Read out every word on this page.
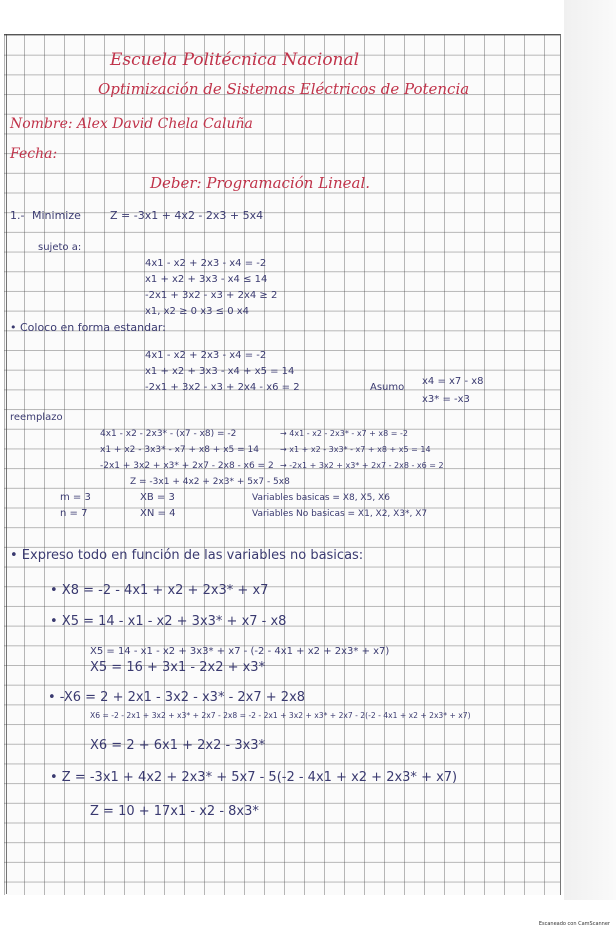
Escuela Politécnica Nacional
Optimización de Sistemas Eléctricos de Potencia
Nombre: Alex David Chela Caluña
Fecha:
Deber: Programación Lineal.
1.- Minimize	Z = -3x1 + 4x2 - 2x3 + 5x4
sujeto a:
4x1 - x2 + 2x3 - x4 = -2
x1 + x2 + 3x3 - x4 ≤ 14
-2x1 + 3x2 - x3 + 2x4 ≥ 2
x1, x2 ≥ 0 x3 ≤ 0 x4
• Coloco en forma estandar:
4x1 - x2 + 2x3 - x4 = -2
x1 + x2 + 3x3 - x4 + x5 = 14
-2x1 + 3x2 - x3 + 2x4 - x6 = 2	Asumo
x4 = x7 - x8
x3* = -x3
reemplazo
4x1 - x2 - 2x3* - (x7 - x8) = -2
x1 + x2 - 3x3* - x7 + x8 + x5 = 14
-2x1 + 3x2 + x3* + 2x7 - 2x8 - x6 = 2
Z = -3x1 + 4x2 + 2x3* + 5x7 - 5x8
→ 4x1 - x2 - 2x3* - x7 + x8 = -2
→ x1 + x2 - 3x3* - x7 + x8 + x5 = 14
→ -2x1 + 3x2 + x3* + 2x7 - 2x8 - x6 = 2
m = 3
n = 7
XB = 3
XN = 4
Variables basicas = X8, X5, X6
Variables No basicas = X1, X2, X3*, X7
• Expreso todo en función de las variables no basicas:
• X8 = -2 - 4x1 + x2 + 2x3* + x7
• X5 = 14 - x1 - x2 + 3x3* + x7 - x8
X5 = 14 - x1 - x2 + 3x3* + x7 - (-2 - 4x1 + x2 + 2x3* + x7)
X5 = 16 + 3x1 - 2x2 + x3*
• -X6 = 2 + 2x1 - 3x2 - x3* - 2x7 + 2x8
X6 = -2 - 2x1 + 3x2 + x3* + 2x7 - 2x8 = -2 - 2x1 + 3x2 + x3* + 2x7 - 2(-2 - 4x1 + x2 + 2x3* + x7)
X6 = 2 + 6x1 + 2x2 - 3x3*
• Z = -3x1 + 4x2 + 2x3* + 5x7 - 5(-2 - 4x1 + x2 + 2x3* + x7)
Z = 10 + 17x1 - x2 - 8x3*
Escaneado con CamScanner
